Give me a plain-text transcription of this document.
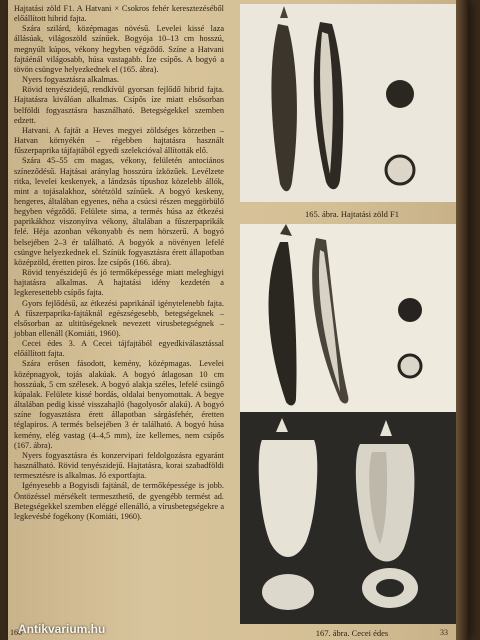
Hajtatási zöld F1. A Hatvani × Csokros fehér keresztezéséből előállított hibrid fajta.

Szára szilárd, középmagas növésű. Levelei kissé laza állásúak, világoszöld színűek. Bogyója 10–13 cm hosszú, megnyúlt kúpos, vékony hegyben végződő. Színe a Hatvani fajtáénál világosabb, húsa vastagabb. Íze csípős. A bogyó a tövön csüngve helyezkednek el (165. ábra).

Nyers fogyasztásra alkalmas.

Rövid tenyészidejű, rendkívül gyorsan fejlődő hibrid fajta. Hajtatásra kiválóan alkalmas. Csípős íze miatt elsősorban belföldi fogyasztásra használható. Betegségekkel szemben edzett.

Hatvani. A fajtát a Heves megyei zöldséges körzetben – Hatvan környékén – régebben hajtatásra használt fűszerpaprika tájfajtából egyedi szelekcióval állították elő.

Szára 45–55 cm magas, vékony, felületén antociános színeződésű. Hajtásai aránylag hosszúra ízközűek. Levélzete ritka, levelei keskenyek, a lándzsás típushoz közelebb állók, mint a tojásalakhoz, sötétzöld színűek. A bogyó keskeny, hengeres, általában egyenes, néha a csúcsi részen meggörbülő hegyben végződő. Felülete sima, a termés húsa az étkezési paprikákhoz viszonyítva vékony, általában a fűszerpaprikák felé. Héja azonban vékonyabb és nem hörszerű. A bogyó belsejében 2–3 ér található. A bogyók a növényen lefelé csüngve helyezkednek el. Színük fogyasztásra érett állapotban középzöld, éretten piros. Íze csípős (166. ábra).

Rövid tenyészidejű és jó termőképessége miatt meleghigyi hajtatásra alkalmas. A hajtatási idény kezdetén a legkeresettebb csípős fajta.

Gyors fejlődésű, az étkezési paprikánál igénytelenebb fajta. A fűszerpaprika-fajtáknál egészségesebb, betegségeknek – elsősorban az ultitüségeknek nevezett virusbetegségnek – jobban ellenáll (Komiáti, 1960).

Cecei édes 3. A Cecei tájfajtából egyedkiválasztással előállított fajta.

Szára erősen fásodott, kemény, középmagas. Levelei középnagyok, tojás alakúak. A bogyó átlagosan 10 cm hosszúak, 5 cm szélesek. A bogyó alakja széles, lefelé csüngő kúpalak. Felülete kissé bordás, oldalai benyomottak. A begye általában pedig kissé visszahajló (hagolyosőr alakú). A bogyó színe fogyasztásra érett állapotban sárgásfehér, éretten téglapiros. A termés belsejében 3 ér található. A bogyó húsa kemény, elég vastag (4–4,5 mm), íze kellemes, nem csípős (167. ábra).

Nyers fogyasztásra és konzervipari feldolgozásra egyaránt használható. Rövid tenyészidejű. Hajtatásra, korai szabadföldi termesztésre is alkalmas. Jó exportfajta.

Igényesebb a Bogyisdi fajtánál, de termőképessége is jobb. Öntözéssel mérsékelt termeszthető, de gyengébb termést ad. Betegségekkel szemben eléggé ellenálló, a vírusbetegségekre a legkevésbé fogékony (Komiáti, 1960).

165. ábra. Hajtatási zöld F1
167. ábra. Cecei édes
166	33
Antikvarium.hu
